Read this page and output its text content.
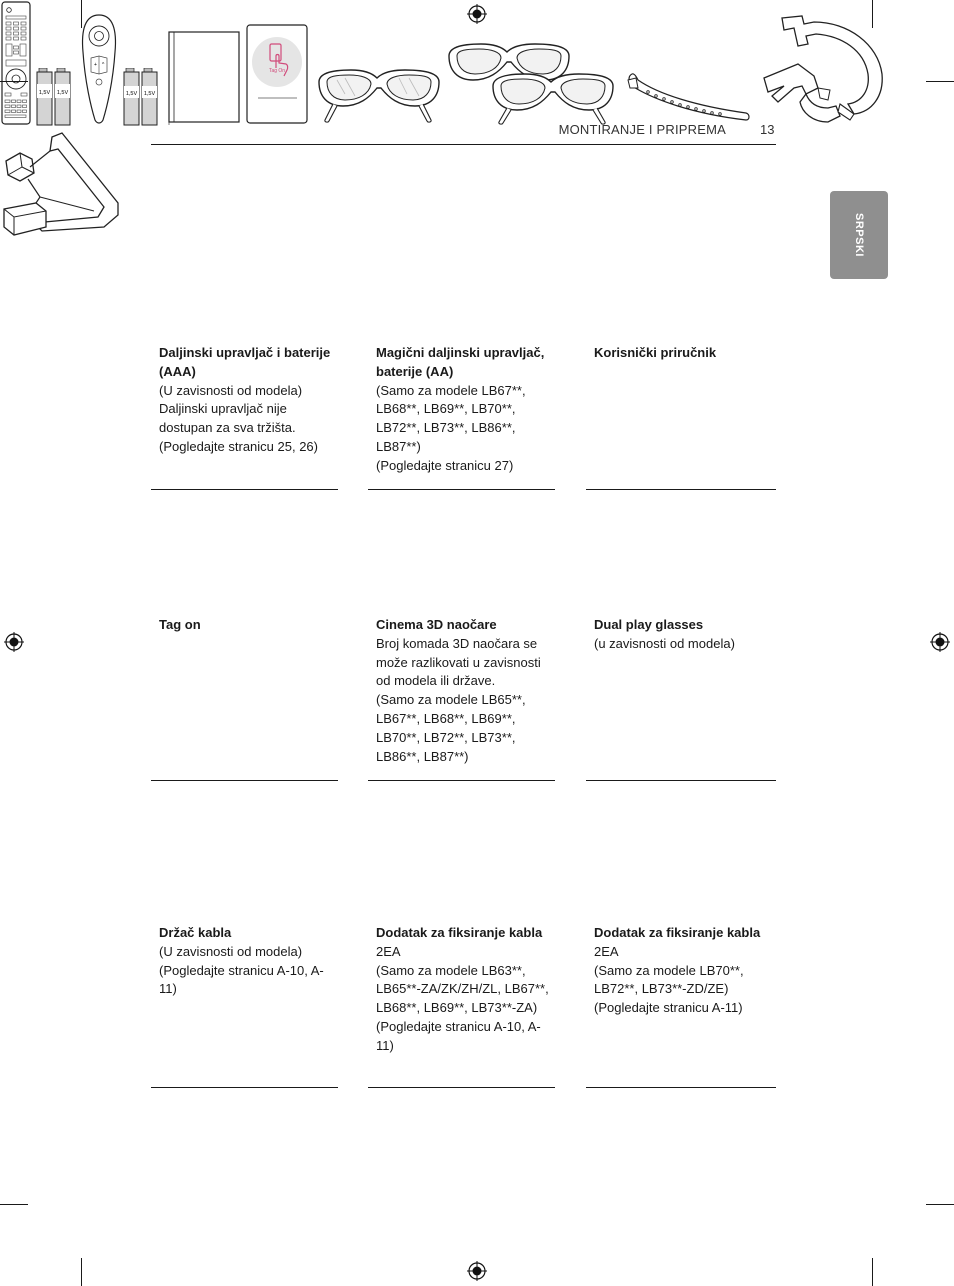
MONTIRANJE I PRIPREMA	13
SRPSKI

1,5V 1,5V

Daljinski upravljač i baterije (AAA)
(U zavisnosti od modela)
Daljinski upravljač nije dostupan za sva tržišta.
(Pogledajte stranicu 25, 26)
+ ^

1,5V 1,5V

Magični daljinski upravljač, baterije (AA)
(Samo za modele LB67**, LB68**, LB69**, LB70**, LB72**, LB73**, LB86**, LB87**)
(Pogledajte stranicu 27)

Korisnički priručnik
Tag On

Tag on
	Cinema 3D naočare
Broj komada 3D naočara se može razlikovati u zavisnosti od modela ili države.
(Samo za modele LB65**, LB67**, LB68**, LB69**, LB70**, LB72**, LB73**, LB86**, LB87**)

Dual play glasses
(u zavisnosti od modela)

Držač kabla
(U zavisnosti od modela)
(Pogledajte stranicu A-10, A-11)

Dodatak za fiksiranje kabla
2EA
(Samo za modele LB63**, LB65**-ZA/ZK/ZH/ZL, LB67**, LB68**, LB69**, LB73**-ZA)
(Pogledajte stranicu A-10, A-11)
Dodatak za fiksiranje kabla
2EA
(Samo za modele LB70**, LB72**, LB73**-ZD/ZE)
(Pogledajte stranicu A-11)
